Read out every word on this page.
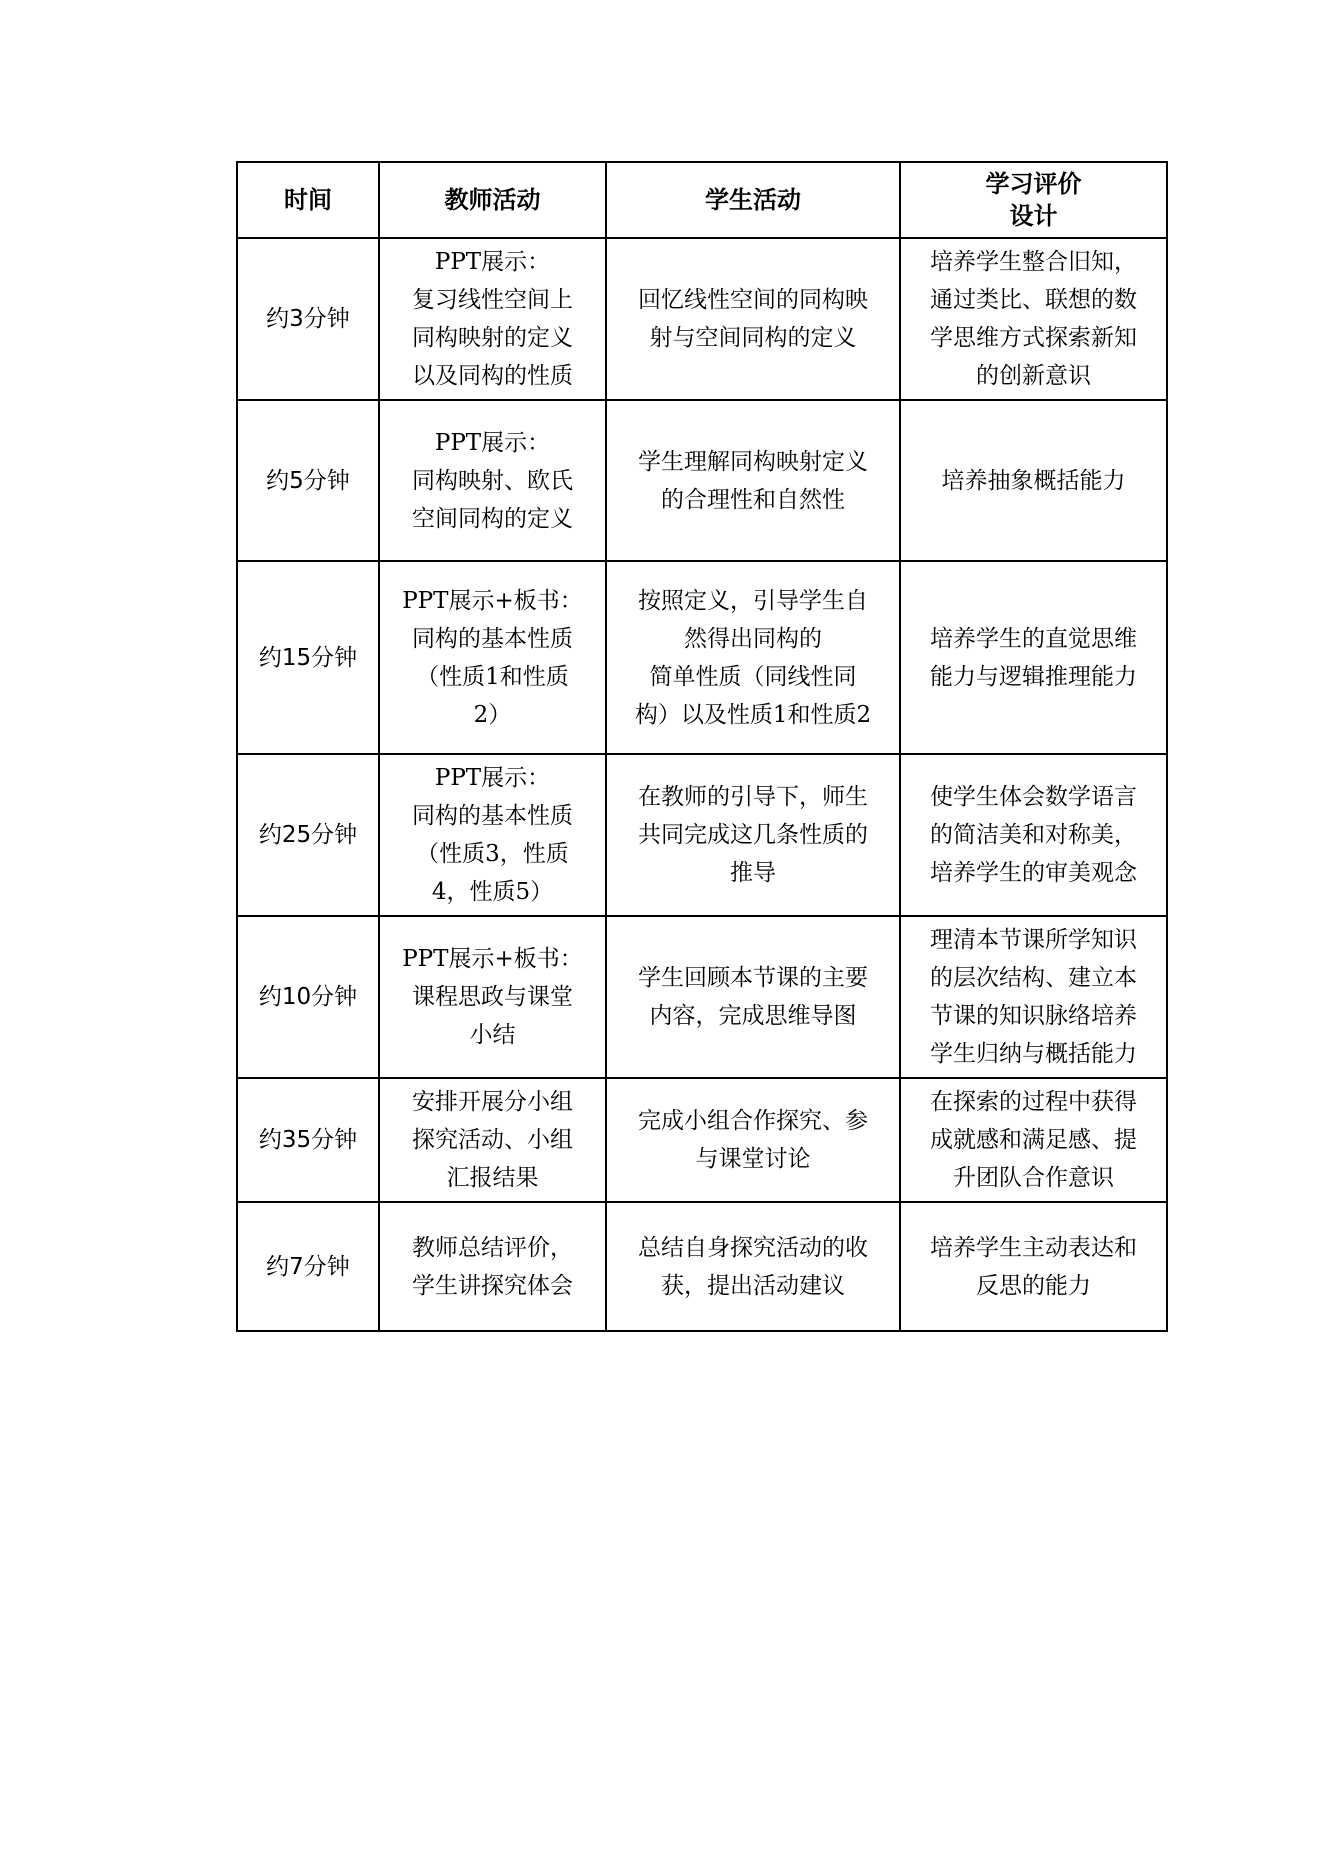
时间	教师活动	学生活动	学习评价
设计
约3分钟	PPT展示：
复习线性空间上
同构映射的定义
以及同构的性质	回忆线性空间的同构映
射与空间同构的定义	培养学生整合旧知，
通过类比、联想的数
学思维方式探索新知
的创新意识
约5分钟	PPT展示：
同构映射、欧氏
空间同构的定义	学生理解同构映射定义
的合理性和自然性	培养抽象概括能力
约15分钟	PPT展示+板书：
同构的基本性质
（性质1和性质
2）	按照定义，引导学生自
然得出同构的
简单性质（同线性同
构）以及性质1和性质2	培养学生的直觉思维
能力与逻辑推理能力
约25分钟	PPT展示：
同构的基本性质
（性质3，性质
4，性质5）	在教师的引导下，师生
共同完成这几条性质的
推导	使学生体会数学语言
的简洁美和对称美，
培养学生的审美观念
约10分钟	PPT展示+板书：
课程思政与课堂
小结	学生回顾本节课的主要
内容，完成思维导图	理清本节课所学知识
的层次结构、建立本
节课的知识脉络培养
学生归纳与概括能力
约35分钟	安排开展分小组
探究活动、小组
汇报结果	完成小组合作探究、参
与课堂讨论	在探索的过程中获得
成就感和满足感、提
升团队合作意识
约7分钟	教师总结评价，
学生讲探究体会	总结自身探究活动的收
获，提出活动建议	培养学生主动表达和
反思的能力
